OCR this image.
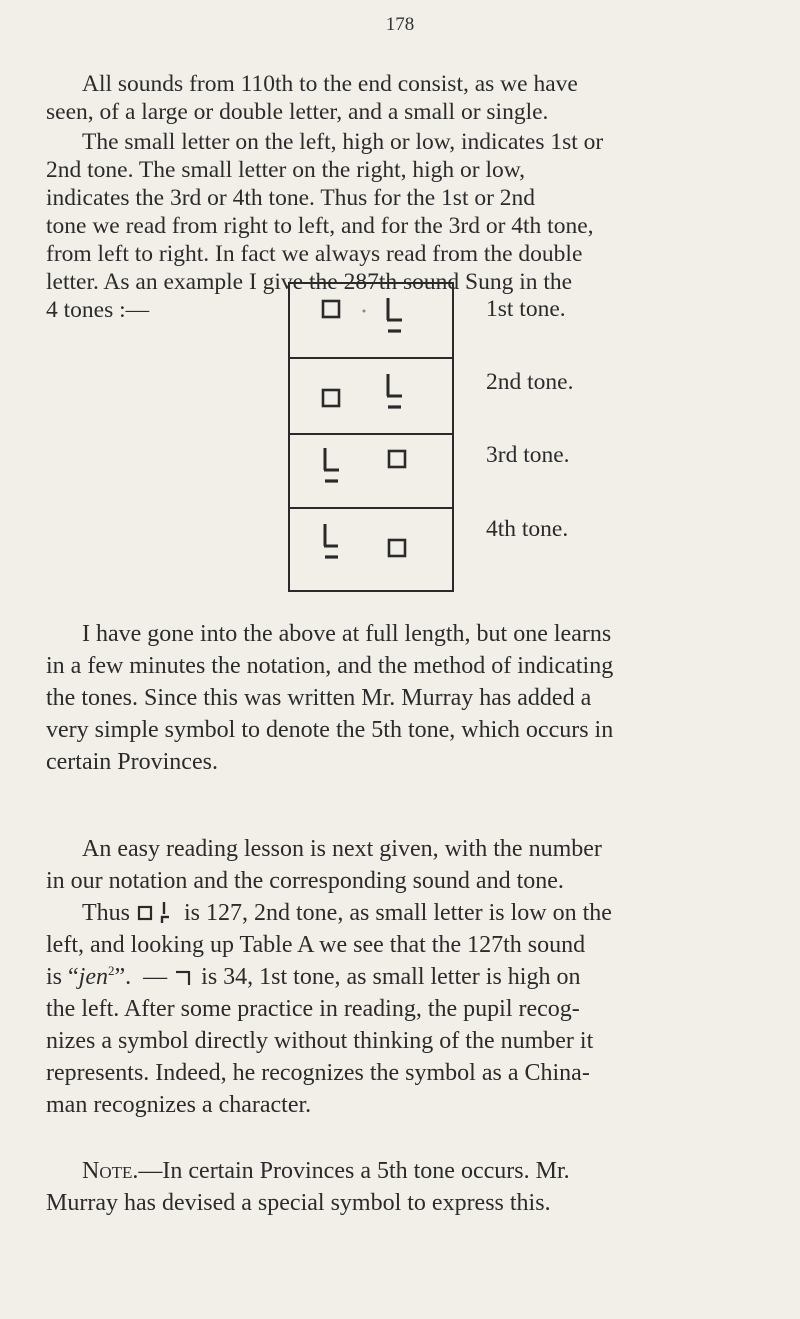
178
All sounds from 110th to the end consist, as we have
seen, of a large or double letter, and a small or single.
The small letter on the left, high or low, indicates 1st or
2nd tone. The small letter on the right, high or low,
indicates the 3rd or 4th tone. Thus for the 1st or 2nd
tone we read from right to left, and for the 3rd or 4th tone,
from left to right. In fact we always read from the double
letter. As an example I give the 287th sound Sung in the
4 tones :—	1st tone.
2nd tone.
3rd tone.
4th tone.
I have gone into the above at full length, but one learns
in a few minutes the notation, and the method of indicating
the tones. Since this was written Mr. Murray has added a
very simple symbol to denote the 5th tone, which occurs in
certain Provinces.
An easy reading lesson is next given, with the number
in our notation and the corresponding sound and tone.
Thus is 127, 2nd tone, as small letter is low on the
left, and looking up Table A we see that the 127th sound
is “jen$^2$”. — is 34, 1st tone, as small letter is high on
the left. After some practice in reading, the pupil recog-
nizes a symbol directly without thinking of the number it
represents. Indeed, he recognizes the symbol as a China-
man recognizes a character.
Note.—In certain Provinces a 5th tone occurs. Mr.
Murray has devised a special symbol to express this.
